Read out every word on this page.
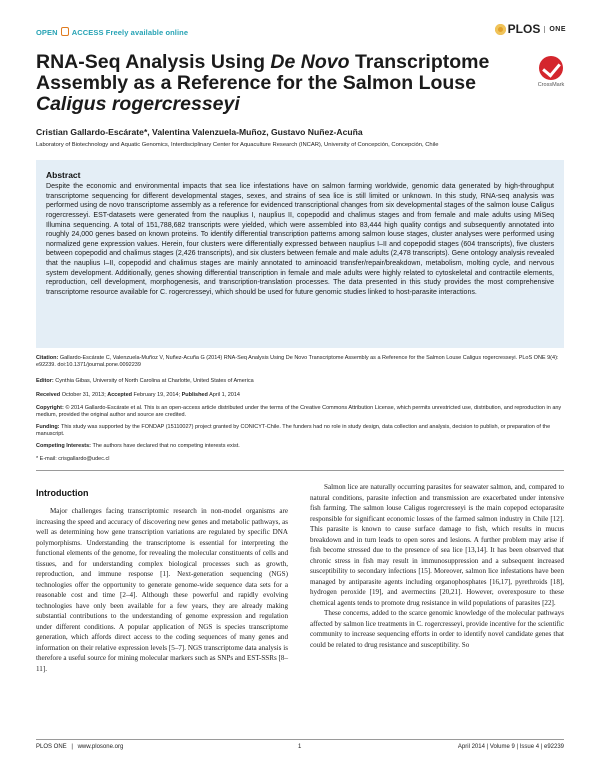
OPEN ACCESS Freely available online	PLOS	ONE
RNA-Seq Analysis Using De Novo Transcriptome
Assembly as a Reference for the Salmon Louse
Caligus rogercresseyi
CrossMark
Cristian Gallardo-Escárate*, Valentina Valenzuela-Muñoz, Gustavo Nuñez-Acuña
Laboratory of Biotechnology and Aquatic Genomics, Interdisciplinary Center for Aquaculture Research (INCAR), University of Concepción, Concepción, Chile
Abstract
Despite the economic and environmental impacts that sea lice infestations have on salmon farming worldwide, genomic data generated by high-throughput transcriptome sequencing for different developmental stages, sexes, and strains of sea lice is still limited or unknown. In this study, RNA-seq analysis was performed using de novo transcriptome assembly as a reference for evidenced transcriptional changes from six developmental stages of the salmon louse Caligus rogercresseyi. EST-datasets were generated from the nauplius I, nauplius II, copepodid and chalimus stages and from female and male adults using MiSeq Illumina sequencing. A total of 151,788,682 transcripts were yielded, which were assembled into 83,444 high quality contigs and subsequently annotated into roughly 24,000 genes based on known proteins. To identify differential transcription patterns among salmon louse stages, cluster analyses were performed using normalized gene expression values. Herein, four clusters were differentially expressed between nauplius I–II and copepodid stages (604 transcripts), five clusters between copepodid and chalimus stages (2,426 transcripts), and six clusters between female and male adults (2,478 transcripts). Gene ontology analysis revealed that the nauplius I–II, copepodid and chalimus stages are mainly annotated to aminoacid transfer/repair/breakdown, metabolism, molting cycle, and nervous system development. Additionally, genes showing differential transcription in female and male adults were highly related to cytoskeletal and contractile elements, reproduction, cell development, morphogenesis, and transcription-translation processes. The data presented in this study provides the most comprehensive transcriptome resource available for C. rogercresseyi, which should be used for future genomic studies linked to host-parasite interactions.
Citation: Gallardo-Escárate C, Valenzuela-Muñoz V, Nuñez-Acuña G (2014) RNA-Seq Analysis Using De Novo Transcriptome Assembly as a Reference for the Salmon Louse Caligus rogercresseyi. PLoS ONE 9(4): e92239. doi:10.1371/journal.pone.0092239
Editor: Cynthia Gibas, University of North Carolina at Charlotte, United States of America
Received October 31, 2013; Accepted February 19, 2014; Published April 1, 2014
Copyright: © 2014 Gallardo-Escárate et al. This is an open-access article distributed under the terms of the Creative Commons Attribution License, which permits unrestricted use, distribution, and reproduction in any medium, provided the original author and source are credited.
Funding: This study was supported by the FONDAP (15110027) project granted by CONICYT-Chile. The funders had no role in study design, data collection and analysis, decision to publish, or preparation of the manuscript.
Competing Interests: The authors have declared that no competing interests exist.
* E-mail: crisgallardo@udec.cl
Introduction

Major challenges facing transcriptomic research in non-model organisms are increasing the speed and accuracy of discovering new genes and metabolic pathways, as well as determining how gene transcription variations are regulated by specific DNA polymorphisms. Understanding the transcriptome is essential for interpreting the functional elements of the genome, for revealing the molecular constituents of cells and tissues, and for understanding complex biological processes such as growth, reproduction, and immune response [1]. Next-generation sequencing (NGS) technologies offer the opportunity to generate genome-wide sequence data sets for a reasonable cost and time [2–4]. Although these powerful and rapidly evolving technologies have only been available for a few years, they are already making substantial contributions to the understanding of genome expression and regulation under different conditions. A popular application of NGS is species transcriptome generation, which affords direct access to the coding sequences of many genes and information on their relative expression levels [5–7]. NGS transcriptome data analysis is therefore a useful source for mining molecular markers such as SNPs and EST-SSRs [8–11].

Salmon lice are naturally occurring parasites for seawater salmon, and, compared to natural conditions, parasite infection and transmission are exacerbated under intensive fish farming. The salmon louse Caligus rogercresseyi is the main copepod ectoparasite responsible for significant economic losses of the farmed salmon industry in Chile [12]. This parasite is known to cause surface damage to fish, which results in mucus breakdown and in turn leads to open sores and lesions. A further problem may arise if fish become stressed due to the presence of sea lice [13,14]. It has been observed that chronic stress in fish may result in immunosuppression and a subsequent increased susceptibility to secondary infections [15]. Moreover, salmon lice infestations have been managed by antiparasite agents including organophosphates [16,17], pyrethroids [18], hydrogen peroxide [19], and avermectins [20,21]. However, overexposure to these chemical agents tends to promote drug resistance in wild populations of parasites [22].

These concerns, added to the scarce genomic knowledge of the molecular pathways affected by salmon lice treatments in C. rogercresseyi, provide incentive for the scientific community to increase sequencing efforts in order to identify novel candidate genes that could be related to drug resistance and susceptibility. So

PLOS ONE | www.plosone.org	1	April 2014 | Volume 9 | Issue 4 | e92239
